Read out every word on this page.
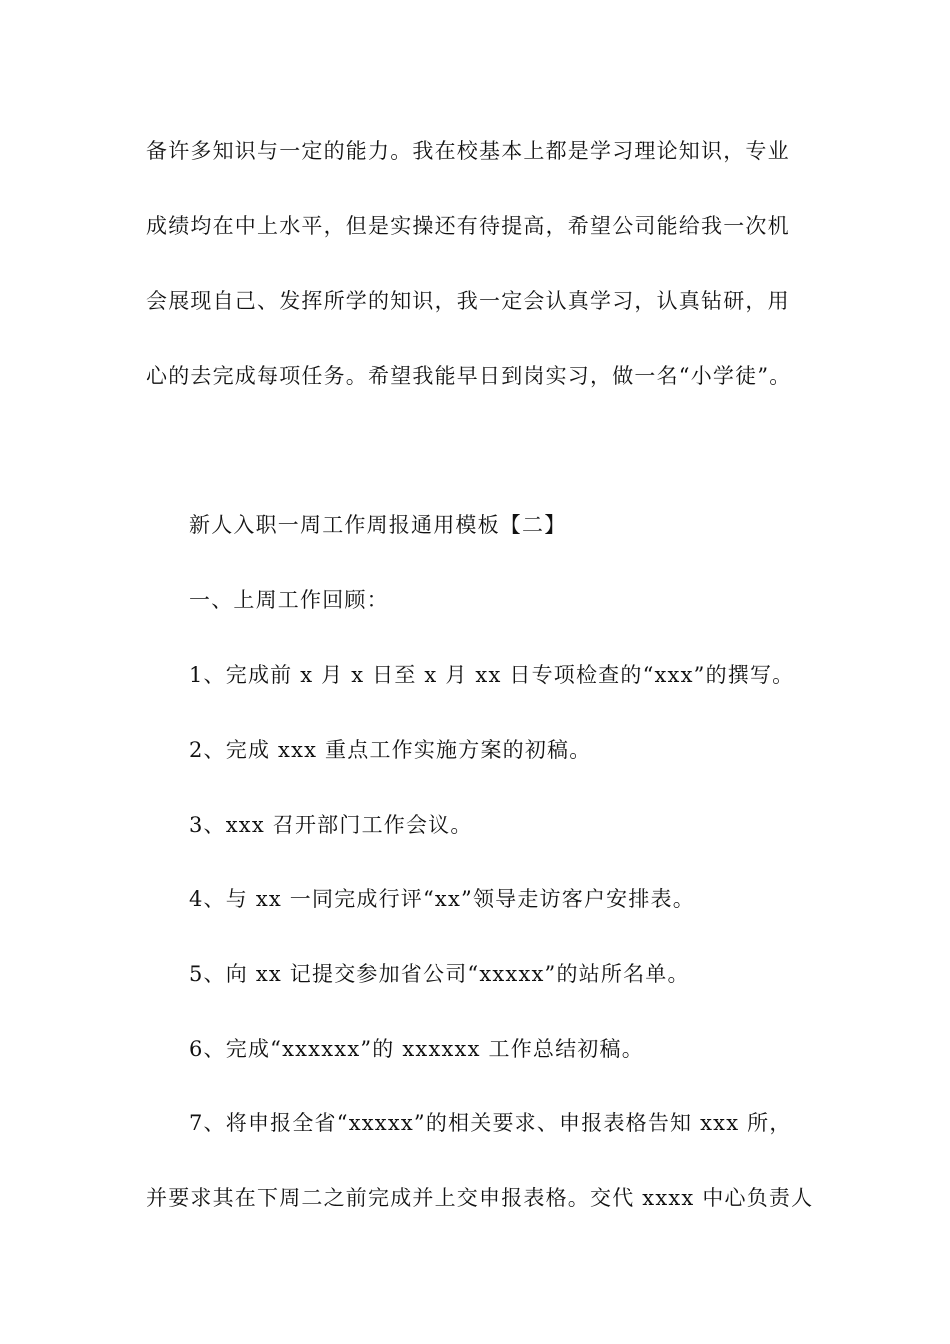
备许多知识与一定的能力。我在校基本上都是学习理论知识，专业
成绩均在中上水平，但是实操还有待提高，希望公司能给我一次机
会展现自己、发挥所学的知识，我一定会认真学习，认真钻研，用
心的去完成每项任务。希望我能早日到岗实习，做一名“小学徒”。
新人入职一周工作周报通用模板【二】
一、上周工作回顾：
1、完成前 x 月 x 日至 x 月 xx 日专项检查的“xxx”的撰写。
2、完成 xxx 重点工作实施方案的初稿。
3、xxx 召开部门工作会议。
4、与 xx 一同完成行评“xx”领导走访客户安排表。
5、向 xx 记提交参加省公司“xxxxx”的站所名单。
6、完成“xxxxxx”的 xxxxxx 工作总结初稿。
7、将申报全省“xxxxx”的相关要求、申报表格告知 xxx 所，
并要求其在下周二之前完成并上交申报表格。交代 xxxx 中心负责人
